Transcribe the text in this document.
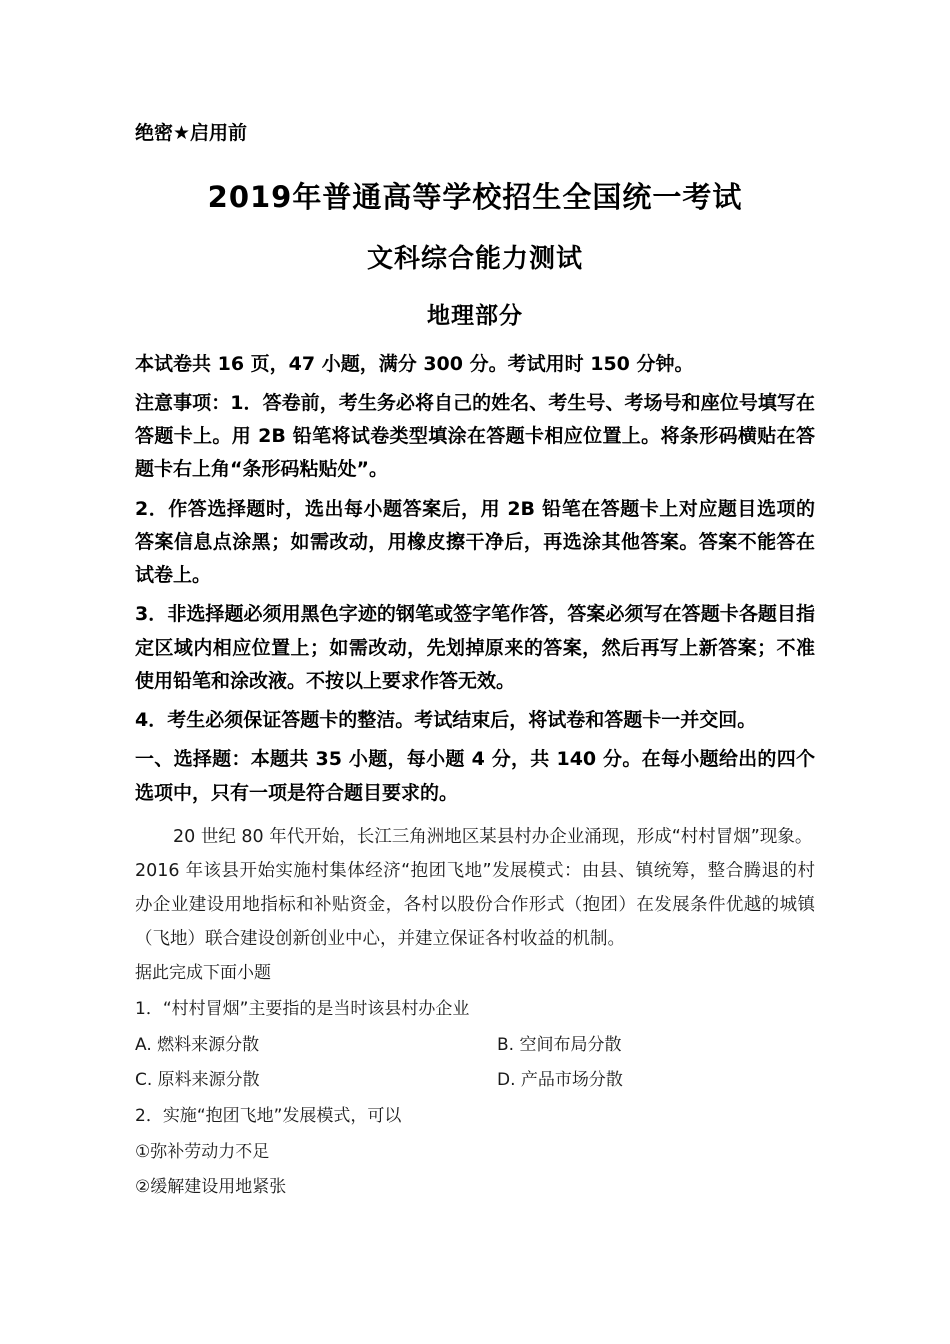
绝密★启用前
2019年普通高等学校招生全国统一考试
文科综合能力测试
地理部分

本试卷共 16 页，47 小题，满分 300 分。考试用时 150 分钟。

注意事项：1．答卷前，考生务必将自己的姓名、考生号、考场号和座位号填写在答题卡上。用 2B 铅笔将试卷类型填涂在答题卡相应位置上。将条形码横贴在答题卡右上角“条形码粘贴处”。

2．作答选择题时，选出每小题答案后，用 2B 铅笔在答题卡上对应题目选项的答案信息点涂黑；如需改动，用橡皮擦干净后，再选涂其他答案。答案不能答在试卷上。

3．非选择题必须用黑色字迹的钢笔或签字笔作答，答案必须写在答题卡各题目指定区域内相应位置上；如需改动，先划掉原来的答案，然后再写上新答案；不准使用铅笔和涂改液。不按以上要求作答无效。

4．考生必须保证答题卡的整洁。考试结束后，将试卷和答题卡一并交回。

一、选择题：本题共 35 小题，每小题 4 分，共 140 分。在每小题给出的四个选项中，只有一项是符合题目要求的。

20 世纪 80 年代开始，长江三角洲地区某县村办企业涌现，形成“村村冒烟”现象。

2016 年该县开始实施村集体经济“抱团飞地”发展模式：由县、镇统筹，整合腾退的村办企业建设用地指标和补贴资金，各村以股份合作形式（抱团）在发展条件优越的城镇（飞地）联合建设创新创业中心，并建立保证各村收益的机制。

据此完成下面小题

1．“村村冒烟”主要指的是当时该县村办企业

A. 燃料来源分散	B. 空间布局分散
C. 原料来源分散	D. 产品市场分散

2．实施“抱团飞地”发展模式，可以

①弥补劳动力不足

②缓解建设用地紧张
